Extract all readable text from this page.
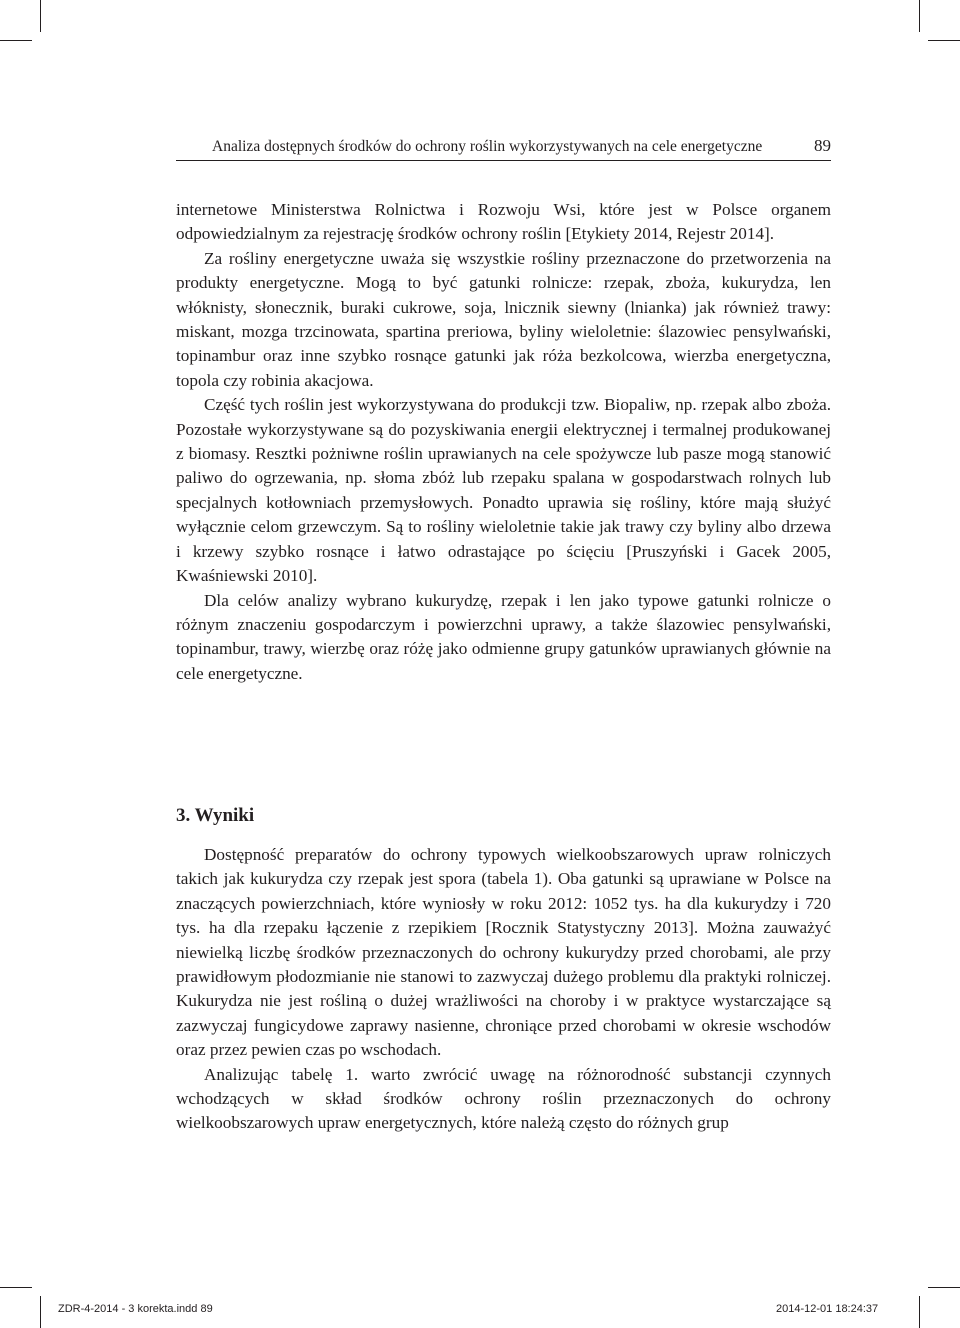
Analiza dostępnych środków do ochrony roślin wykorzystywanych na cele energetyczne	89

internetowe Ministerstwa Rolnictwa i Rozwoju Wsi, które jest w Polsce organem odpowiedzialnym za rejestrację środków ochrony roślin [Etykiety 2014, Rejestr 2014].

Za rośliny energetyczne uważa się wszystkie rośliny przeznaczone do przetworzenia na produkty energetyczne. Mogą to być gatunki rolnicze: rzepak, zboża, kukurydza, len włóknisty, słonecznik, buraki cukrowe, soja, lnicznik siewny (lnianka) jak również trawy: miskant, mozga trzcinowata, spartina preriowa, byliny wieloletnie: ślazowiec pensylwański, topinambur oraz inne szybko rosnące gatunki jak róża bezkolcowa, wierzba energetyczna, topola czy robinia akacjowa.

Część tych roślin jest wykorzystywana do produkcji tzw. Biopaliw, np. rzepak albo zboża. Pozostałe wykorzystywane są do pozyskiwania energii elektrycznej i termalnej produkowanej z biomasy. Resztki pożniwne roślin uprawianych na cele spożywcze lub pasze mogą stanowić paliwo do ogrzewania, np. słoma zbóż lub rzepaku spalana w gospodarstwach rolnych lub specjalnych kotłowniach przemysłowych. Ponadto uprawia się rośliny, które mają służyć wyłącznie celom grzewczym. Są to rośliny wieloletnie takie jak trawy czy byliny albo drzewa i krzewy szybko rosnące i łatwo odrastające po ścięciu [Pruszyński i Gacek 2005, Kwaśniewski 2010].

Dla celów analizy wybrano kukurydzę, rzepak i len jako typowe gatunki rolnicze o różnym znaczeniu gospodarczym i powierzchni uprawy, a także ślazowiec pensylwański, topinambur, trawy, wierzbę oraz różę jako odmienne grupy gatunków uprawianych głównie na cele energetyczne.

3. Wyniki

Dostępność preparatów do ochrony typowych wielkoobszarowych upraw rolniczych takich jak kukurydza czy rzepak jest spora (tabela 1). Oba gatunki są uprawiane w Polsce na znaczących powierzchniach, które wyniosły w roku 2012: 1052 tys. ha dla kukurydzy i 720 tys. ha dla rzepaku łączenie z rzepikiem [Rocznik Statystyczny 2013]. Można zauważyć niewielką liczbę środków przeznaczonych do ochrony kukurydzy przed chorobami, ale przy prawidłowym płodozmianie nie stanowi to zazwyczaj dużego problemu dla praktyki rolniczej. Kukurydza nie jest rośliną o dużej wrażliwości na choroby i w praktyce wystarczające są zazwyczaj fungicydowe zaprawy nasienne, chroniące przed chorobami w okresie wschodów oraz przez pewien czas po wschodach.

Analizując tabelę 1. warto zwrócić uwagę na różnorodność substancji czynnych wchodzących w skład środków ochrony roślin przeznaczonych do ochrony wielkoobszarowych upraw energetycznych, które należą często do różnych grup

ZDR-4-2014 - 3 korekta.indd 89	2014-12-01 18:24:37
